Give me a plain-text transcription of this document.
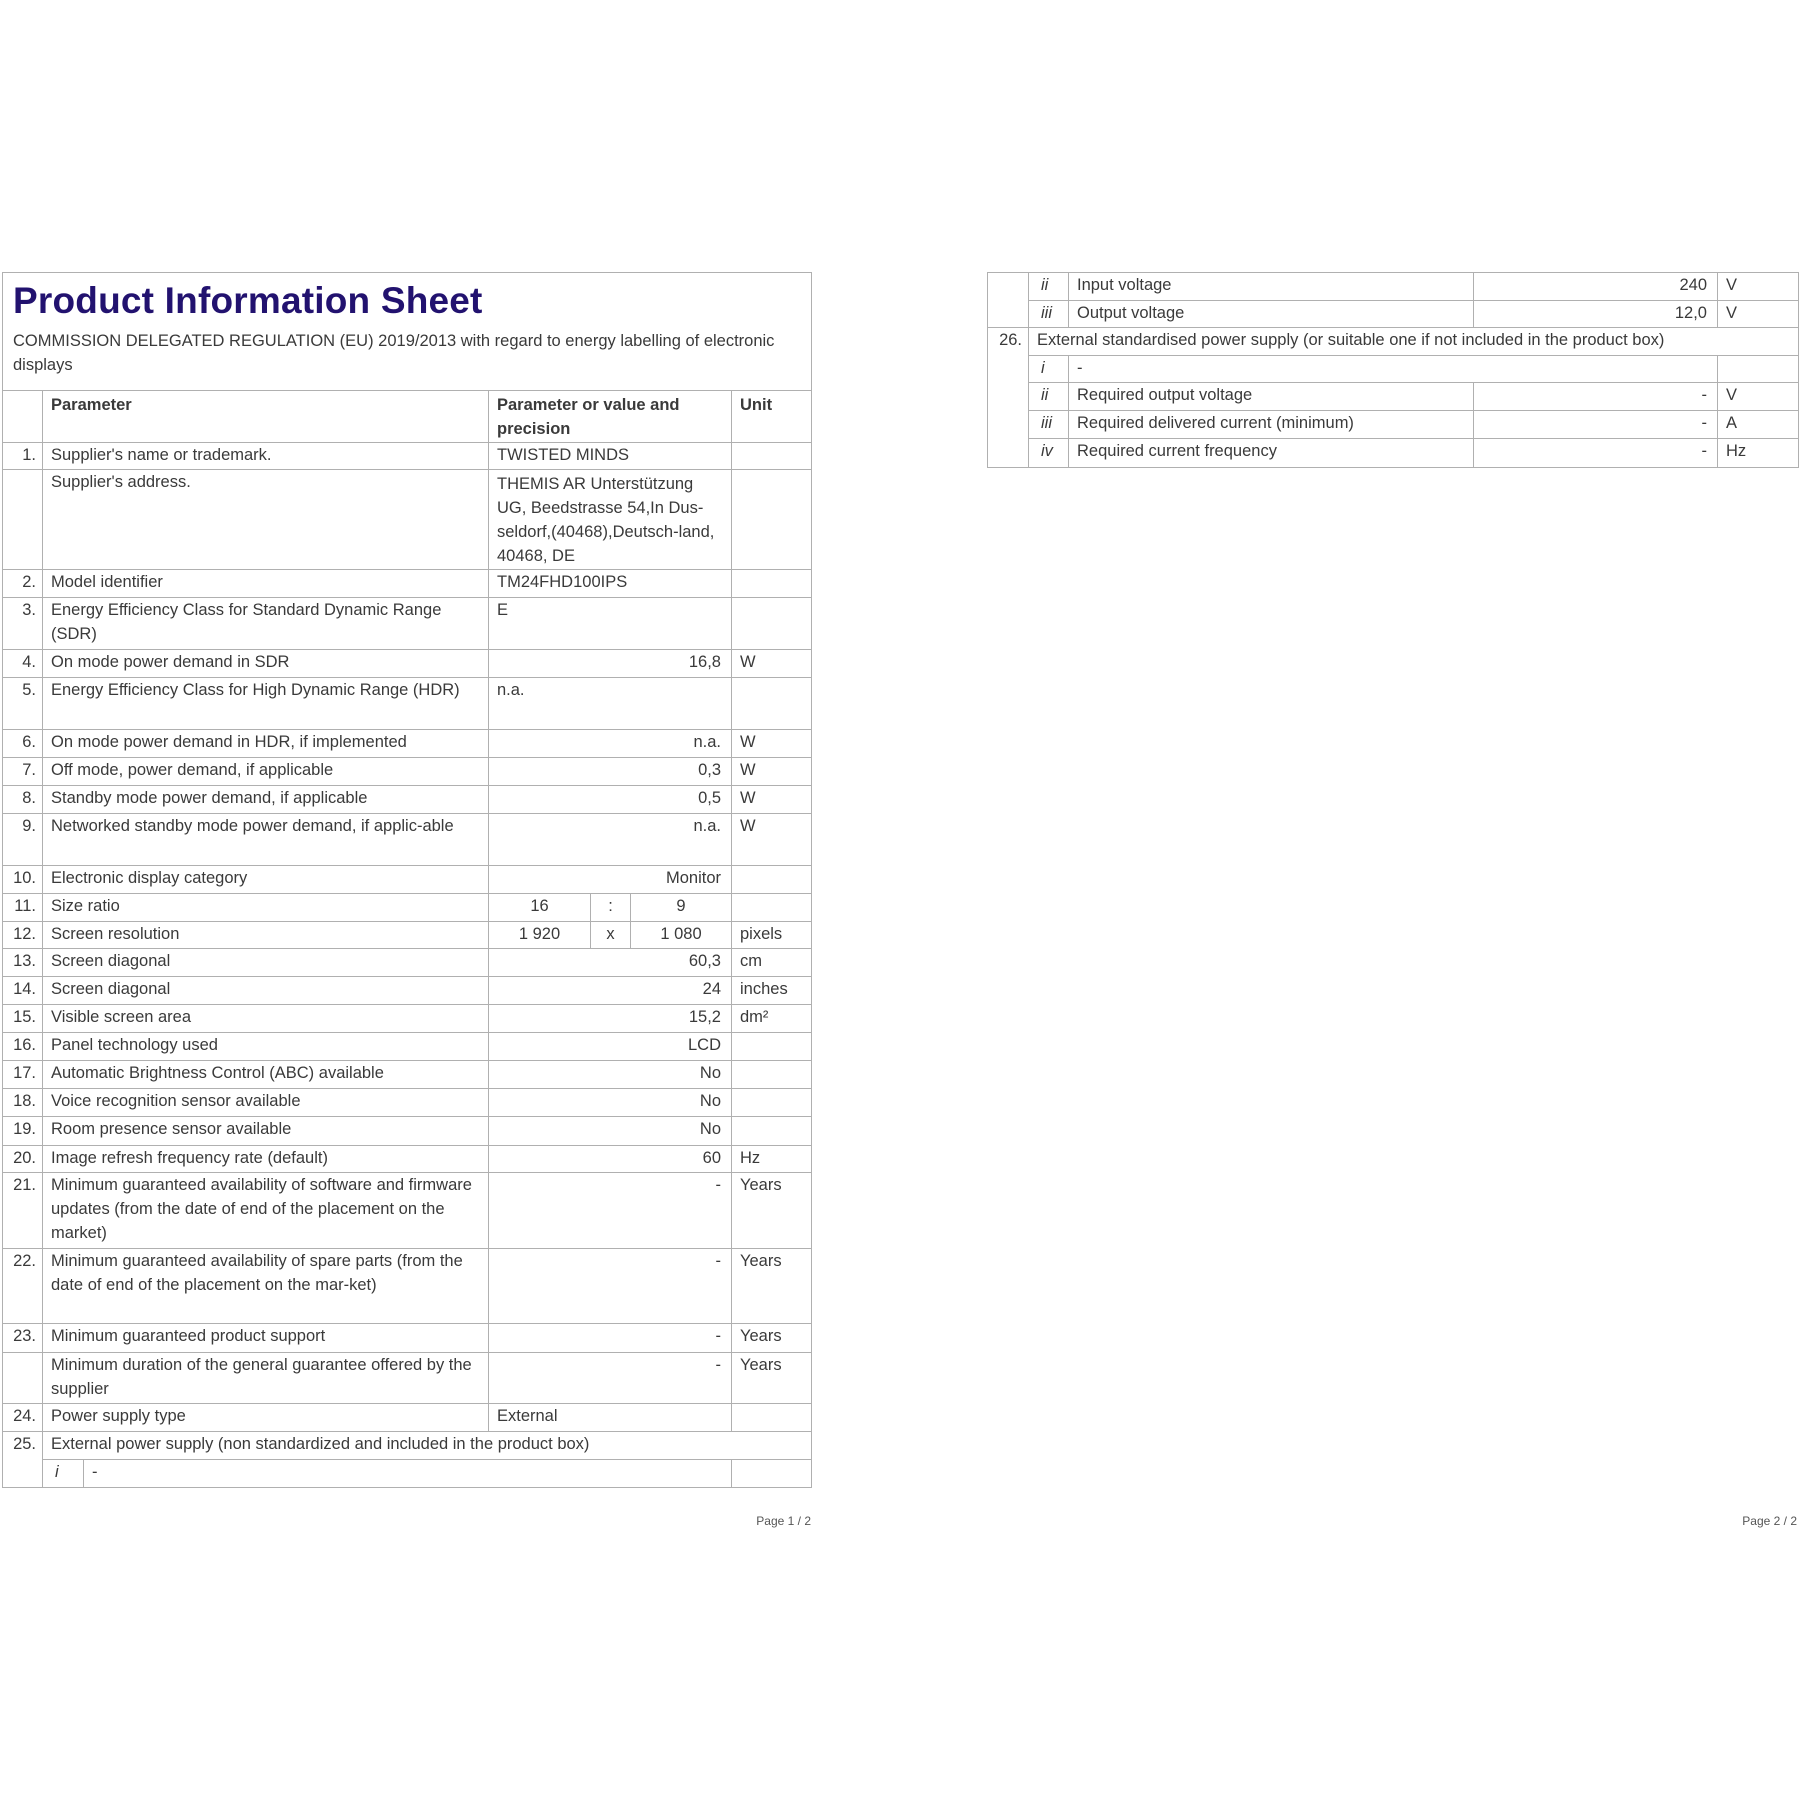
Product Information Sheet
COMMISSION DELEGATED REGULATION (EU) 2019/2013 with regard to energy labelling of electronic displays						

	Parameter		Parameter or value and precision			Unit
1.	Supplier's name or trademark.		TWISTED MINDS			
	Supplier's address.		THEMIS AR Unterstützung UG, Beedstrasse 54,In Dus-seldorf,(40468),Deutsch-land, 40468, DE			
2.	Model identifier		TM24FHD100IPS			
3.	Energy Efficiency Class for Standard Dynamic Range (SDR)		E			
4.	On mode power demand in SDR		16,8			W
5.	Energy Efficiency Class for High Dynamic Range (HDR)		n.a.			
6.	On mode power demand in HDR, if implemented		n.a.			W
7.	Off mode, power demand, if applicable		0,3			W
8.	Standby mode power demand, if applicable		0,5			W
9.	Networked standby mode power demand, if applic-able		n.a.			W
10.	Electronic display category		Monitor			
11.	Size ratio		16	:	9	
12.	Screen resolution		1 920	x	1 080	pixels
13.	Screen diagonal		60,3			cm
14.	Screen diagonal		24			inches
15.	Visible screen area		15,2			dm²
16.	Panel technology used		LCD			
17.	Automatic Brightness Control (ABC) available		No			
18.	Voice recognition sensor available		No			
19.	Room presence sensor available		No			
20.	Image refresh frequency rate (default)		60			Hz
21.	Minimum guaranteed availability of software and firmware updates (from the date of end of the placement on the market)		-			Years
22.	Minimum guaranteed availability of spare parts (from the date of end of the placement on the mar-ket)		-			Years
23.	Minimum guaranteed product support		-			Years
	Minimum duration of the general guarantee offered by the supplier		-			Years
24.	Power supply type		External			
25.	External power supply (non standardized and included in the product box)					
	i	-				
Page 1 / 2
	ii	Input voltage	240	V
	iii	Output voltage	12,0	V
26.	External standardised power supply (or suitable one if not included in the product box)			
	i	-		
	ii	Required output voltage	-	V
	iii	Required delivered current (minimum)	-	A
	iv	Required current frequency	-	Hz
Page 2 / 2
